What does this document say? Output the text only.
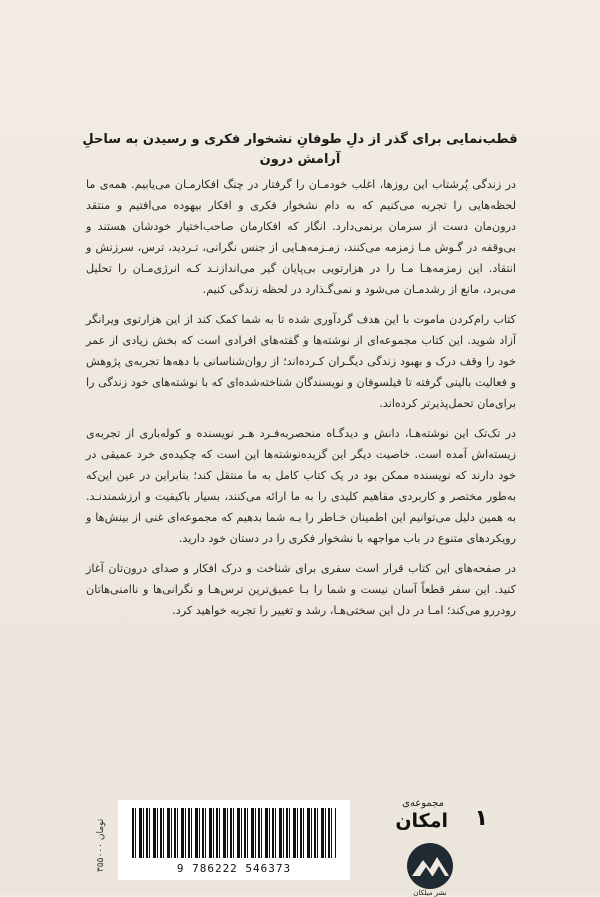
قطب‌نمایی برای گذر از دلِ طوفانِ نشخوار فکری و رسیدن به ساحلِ آرامش درون

در زندگی پُرشتاب این روزها، اغلب خودمـان را گرفتار در چنگ افکارمـان می‌یابیم. همه‌ی ما لحظه‌هایی را تجربه می‌کنیم که به دام نشخوار فکری و افکار بیهوده می‌افتیم و منتقد درون‌مان دست از سرمان برنمی‌دارد. انگار که افکارمان صاحب‌اختیار خودشان هستند و بی‌وقفه در گـوش مـا زمزمه می‌کنند، زمـزمه‌هـایی از جنس نگرانی، تـردید، ترس، سرزنش و انتقاد. این زمزمه‌هـا مـا را در هزارتویی بی‌پایان گیر می‌اندازنـد کـه انرژی‌مـان را تحلیل می‌برد، مانع از رشدمـان می‌شود و نمی‌گـذارد در لحظه زندگی کنیم.

کتاب رام‌کردن ماموت با این هدف گردآوری شده تا به شما کمک کند از این هزارتوی ویرانگر آزاد شوید. این کتاب مجموعه‌ای از نوشته‌ها و گفته‌های افرادی است که بخش زیادی از عمر خود را وقف درک و بهبود زندگی دیگـران کـرده‌اند؛ از روان‌شناسانی با دهه‌ها تجربه‌ی پژوهش و فعالیت بالینی گرفته تا فیلسوفان و نویسندگان شناخته‌شده‌ای که با نوشته‌های خود زندگی را برای‌مان تحمل‌پذیرتر کرده‌اند.

در تک‌تک این نوشته‌هـا، دانش و دیدگـاه منحصربه‌فـرد هـر نویسنده و کوله‌باری از تجربه‌ی زیسته‌اش آمده است. خاصیت دیگر این گزیده‌نوشته‌ها این است که چکیده‌ی خرد عمیقی در خود دارند که نویسنده ممکن بود در یک کتاب کامل به ما منتقل کند؛ بنابراین در عین این‌که به‌طور مختصر و کاربردی مفاهیم کلیدی را به ما ارائه می‌کنند، بسیار باکیفیت و ارزشمندنـد. به همین دلیل می‌توانیم این اطمینان خـاطر را بـه شما بدهیم که مجموعه‌ای غنی از بینش‌ها و رویکردهای متنوع در باب مواجهه با نشخوار فکری را در دستان خود دارید.

در صفحه‌های این کتاب قرار است سفری برای شناخت و درک افکار و صدای درون‌تان آغاز کنید. این سفر قطعاً آسان نیست و شما را بـا عمیق‌ترین ترس‌هـا و نگرانی‌ها و ناامنی‌هاتان رودررو می‌کند؛ امـا در دل این سختی‌هـا، رشد و تغییر را تجربه خواهید کرد.

۳۵۵۰۰۰ تومان
9 786222 546373
مجموعه‌ی
امکان ۱
نشر میلکان
